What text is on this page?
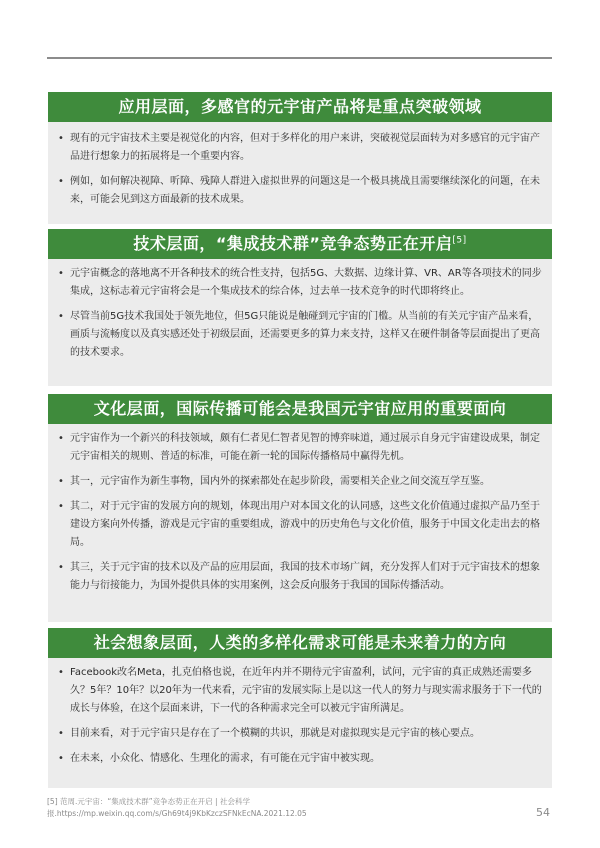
应用层面，多感官的元宇宙产品将是重点突破领域
• 现有的元宇宙技术主要是视觉化的内容，但对于多样化的用户来讲，突破视觉层面转为对多感官的元宇宙产品进行想象力的拓展将是一个重要内容。
• 例如，如何解决视障、听障、残障人群进入虚拟世界的问题这是一个极具挑战且需要继续深化的问题，在未来，可能会见到这方面最新的技术成果。
技术层面，“集成技术群”竞争态势正在开启[5]
• 元宇宙概念的落地离不开各种技术的统合性支持，包括5G、大数据、边缘计算、VR、AR等各项技术的同步集成，这标志着元宇宙将会是一个集成技术的综合体，过去单一技术竞争的时代即将终止。
• 尽管当前5G技术我国处于领先地位，但5G只能说是触碰到元宇宙的门槛。从当前的有关元宇宙产品来看，画质与流畅度以及真实感还处于初级层面，还需要更多的算力来支持，这样又在硬件制备等层面提出了更高的技术要求。
文化层面，国际传播可能会是我国元宇宙应用的重要面向
• 元宇宙作为一个新兴的科技领域，颇有仁者见仁智者见智的博弈味道，通过展示自身元宇宙建设成果，制定元宇宙相关的规则、普适的标准，可能在新一轮的国际传播格局中赢得先机。
• 其一，元宇宙作为新生事物，国内外的探索都处在起步阶段，需要相关企业之间交流互学互鉴。
• 其二，对于元宇宙的发展方向的规划，体现出用户对本国文化的认同感，这些文化价值通过虚拟产品乃至于建设方案向外传播，游戏是元宇宙的重要组成，游戏中的历史角色与文化价值，服务于中国文化走出去的格局。
• 其三，关于元宇宙的技术以及产品的应用层面，我国的技术市场广阔，充分发挥人们对于元宇宙技术的想象能力与衍接能力，为国外提供具体的实用案例，这会反向服务于我国的国际传播活动。
社会想象层面，人类的多样化需求可能是未来着力的方向
• Facebook改名Meta，扎克伯格也说，在近年内并不期待元宇宙盈利，试问，元宇宙的真正成熟还需要多久？5年？10年？以20年为一代来看，元宇宙的发展实际上是以这一代人的努力与现实需求服务于下一代的成长与体验，在这个层面来讲，下一代的各种需求完全可以被元宇宙所满足。
• 目前来看，对于元宇宙只是存在了一个模糊的共识，那就是对虚拟现实是元宇宙的核心要点。
• 在未来，小众化、情感化、生理化的需求，有可能在元宇宙中被实现。
[5] 范周.元宇宙：“集成技术群”竞争态势正在开启 | 社会科学
报.https://mp.weixin.qq.com/s/Gh69t4j9KbKzczSFNkEcNA.2021.12.05	54
